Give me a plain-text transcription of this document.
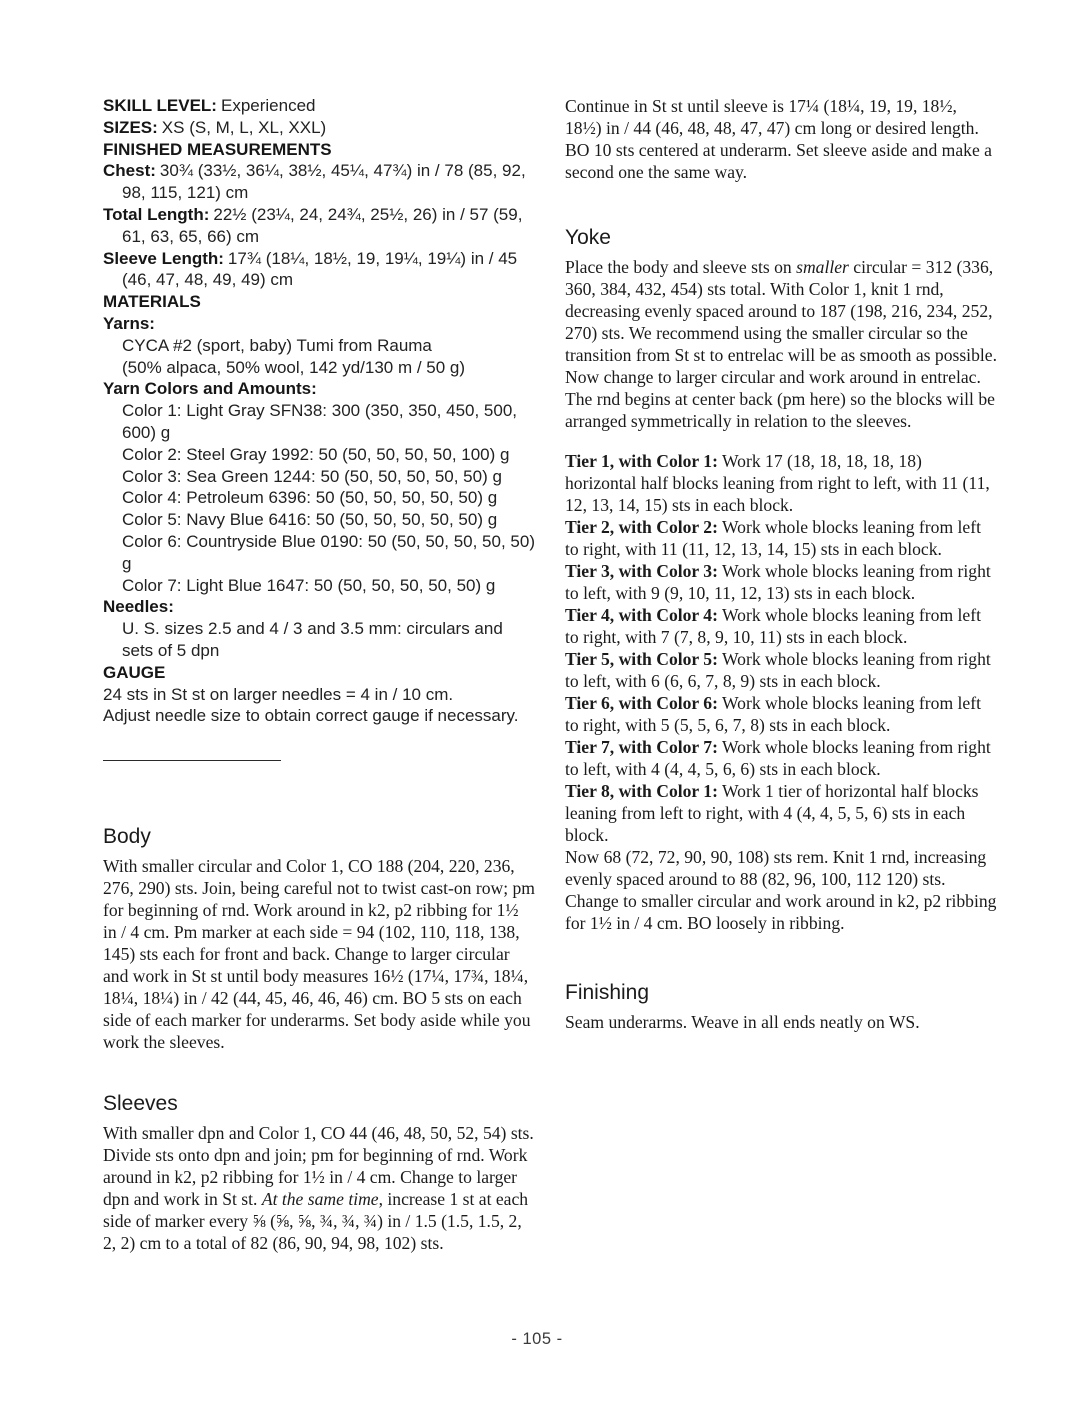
SKILL LEVEL: Experienced
SIZES: XS (S, M, L, XL, XXL)
FINISHED MEASUREMENTS
Chest: 30¾ (33½, 36¼, 38½, 45¼, 47¾) in / 78 (85, 92, 98, 115, 121) cm
Total Length: 22½ (23¼, 24, 24¾, 25½, 26) in / 57 (59, 61, 63, 65, 66) cm
Sleeve Length: 17¾ (18¼, 18½, 19, 19¼, 19¼) in / 45 (46, 47, 48, 49, 49) cm
MATERIALS
Yarns:
CYCA #2 (sport, baby) Tumi from Rauma
(50% alpaca, 50% wool, 142 yd/130 m / 50 g)
Yarn Colors and Amounts:
Color 1: Light Gray SFN38: 300 (350, 350, 450, 500, 600) g
Color 2: Steel Gray 1992: 50 (50, 50, 50, 50, 100) g
Color 3: Sea Green 1244: 50 (50, 50, 50, 50, 50) g
Color 4: Petroleum 6396: 50 (50, 50, 50, 50, 50) g
Color 5: Navy Blue 6416: 50 (50, 50, 50, 50, 50) g
Color 6: Countryside Blue 0190: 50 (50, 50, 50, 50, 50) g
Color 7: Light Blue 1647: 50 (50, 50, 50, 50, 50) g
Needles:
U. S. sizes 2.5 and 4 / 3 and 3.5 mm: circulars and sets of 5 dpn
GAUGE
24 sts in St st on larger needles = 4 in / 10 cm.
Adjust needle size to obtain correct gauge if necessary.
Body

With smaller circular and Color 1, CO 188 (204, 220, 236, 276, 290) sts. Join, being careful not to twist cast-on row; pm for beginning of rnd. Work around in k2, p2 ribbing for 1½ in / 4 cm. Pm marker at each side = 94 (102, 110, 118, 138, 145) sts each for front and back. Change to larger circular and work in St st until body measures 16½ (17¼, 17¾, 18¼, 18¼, 18¼) in / 42 (44, 45, 46, 46, 46) cm. BO 5 sts on each side of each marker for underarms. Set body aside while you work the sleeves.

Sleeves

With smaller dpn and Color 1, CO 44 (46, 48, 50, 52, 54) sts. Divide sts onto dpn and join; pm for beginning of rnd. Work around in k2, p2 ribbing for 1½ in / 4 cm. Change to larger dpn and work in St st. At the same time, increase 1 st at each side of marker every ⅝ (⅝, ⅝, ¾, ¾, ¾) in / 1.5 (1.5, 1.5, 2, 2, 2) cm to a total of 82 (86, 90, 94, 98, 102) sts.

Continue in St st until sleeve is 17¼ (18¼, 19, 19, 18½, 18½) in / 44 (46, 48, 48, 47, 47) cm long or desired length. BO 10 sts centered at underarm. Set sleeve aside and make a second one the same way.

Yoke

Place the body and sleeve sts on smaller circular = 312 (336, 360, 384, 432, 454) sts total. With Color 1, knit 1 rnd, decreasing evenly spaced around to 187 (198, 216, 234, 252, 270) sts. We recommend using the smaller circular so the transition from St st to entrelac will be as smooth as possible. Now change to larger circular and work around in entrelac. The rnd begins at center back (pm here) so the blocks will be arranged symmetrically in relation to the sleeves.

Tier 1, with Color 1: Work 17 (18, 18, 18, 18, 18) horizontal half blocks leaning from right to left, with 11 (11, 12, 13, 14, 15) sts in each block.

Tier 2, with Color 2: Work whole blocks leaning from left to right, with 11 (11, 12, 13, 14, 15) sts in each block.

Tier 3, with Color 3: Work whole blocks leaning from right to left, with 9 (9, 10, 11, 12, 13) sts in each block.

Tier 4, with Color 4: Work whole blocks leaning from left to right, with 7 (7, 8, 9, 10, 11) sts in each block.

Tier 5, with Color 5: Work whole blocks leaning from right to left, with 6 (6, 6, 7, 8, 9) sts in each block.

Tier 6, with Color 6: Work whole blocks leaning from left to right, with 5 (5, 5, 6, 7, 8) sts in each block.

Tier 7, with Color 7: Work whole blocks leaning from right to left, with 4 (4, 4, 5, 6, 6) sts in each block.

Tier 8, with Color 1: Work 1 tier of horizontal half blocks leaning from left to right, with 4 (4, 4, 5, 5, 6) sts in each block.

Now 68 (72, 72, 90, 90, 108) sts rem. Knit 1 rnd, increasing evenly spaced around to 88 (82, 96, 100, 112 120) sts. Change to smaller circular and work around in k2, p2 ribbing for 1½ in / 4 cm. BO loosely in ribbing.

Finishing

Seam underarms. Weave in all ends neatly on WS.

- 105 -
